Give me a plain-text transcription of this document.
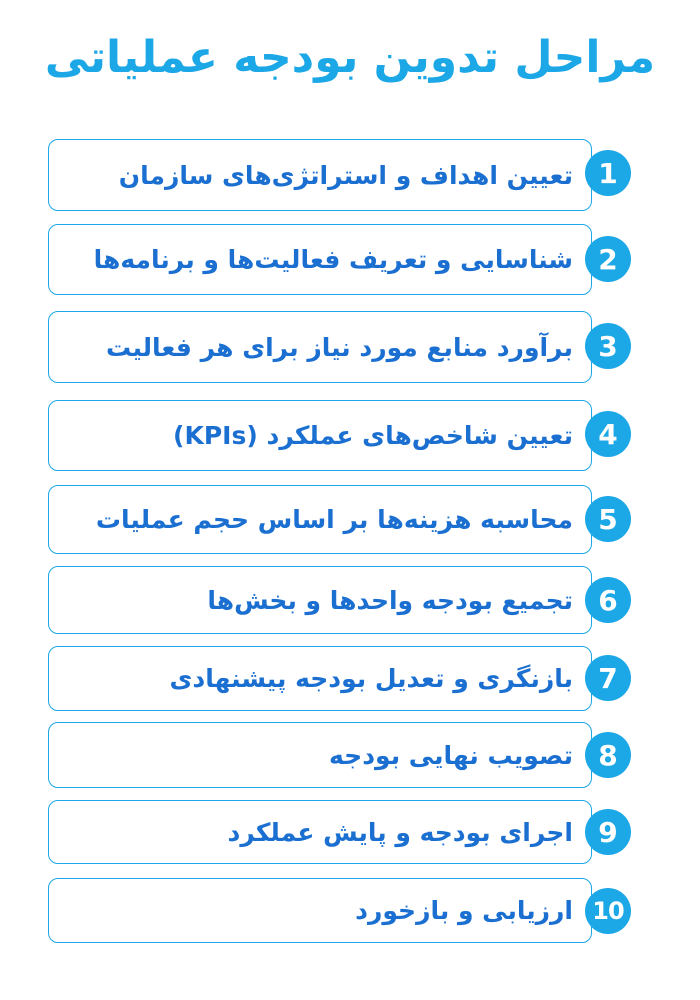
مراحل تدوین بودجه عملیاتی
تعیین اهداف و استراتژی‌های سازمان 1
شناسایی و تعریف فعالیت‌ها و برنامه‌ها 2
برآورد منابع مورد نیاز برای هر فعالیت 3
تعیین شاخص‌های عملکرد (KPIs) 4
محاسبه هزینه‌ها بر اساس حجم عملیات 5
تجمیع بودجه واحدها و بخش‌ها 6
بازنگری و تعدیل بودجه پیشنهادی 7
تصویب نهایی بودجه 8
اجرای بودجه و پایش عملکرد 9
ارزیابی و بازخورد 10
